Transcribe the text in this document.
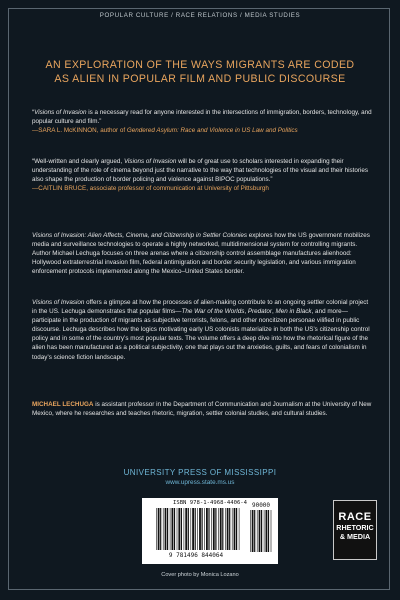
POPULAR CULTURE / RACE RELATIONS / MEDIA STUDIES
AN EXPLORATION OF THE WAYS MIGRANTS ARE CODED AS ALIEN IN POPULAR FILM AND PUBLIC DISCOURSE

“Visions of Invasion is a necessary read for anyone interested in the intersections of immigration, borders, technology, and popular culture and film.”

—SARA L. McKINNON, author of Gendered Asylum: Race and Violence in US Law and Politics

“Well-written and clearly argued, Visions of Invasion will be of great use to scholars interested in expanding their understanding of the role of cinema beyond just the narrative to the way that technologies of the visual and their histories also shape the production of border policing and violence against BIPOC populations.”

—CAITLIN BRUCE, associate professor of communication at University of Pittsburgh

Visions of Invasion: Alien Affects, Cinema, and Citizenship in Settler Colonies explores how the US government mobilizes media and surveillance technologies to operate a highly networked, multidimensional system for controlling migrants. Author Michael Lechuga focuses on three arenas where a citizenship control assemblage manufactures alienhood: Hollywood extraterrestrial invasion film, federal antimigration and border security legislation, and various immigration enforcement protocols implemented along the Mexico–United States border.

Visions of Invasion offers a glimpse at how the processes of alien-making contribute to an ongoing settler colonial project in the US. Lechuga demonstrates that popular films—The War of the Worlds, Predator, Men in Black, and more—participate in the production of migrants as subjective terrorists, felons, and other noncitizen personae vilified in public discourse. Lechuga describes how the logics motivating early US colonists materialize in both the US’s citizenship control policy and in some of the country’s most popular texts. The volume offers a deep dive into how the rhetorical figure of the alien has been manufactured as a political subjectivity, one that plays out the anxieties, guilts, and fears of colonialism in today’s science fiction landscape.

MICHAEL LECHUGA is assistant professor in the Department of Communication and Journalism at the University of New Mexico, where he researches and teaches rhetoric, migration, settler colonial studies, and cultural studies.

UNIVERSITY PRESS OF MISSISSIPPI
www.upress.state.ms.us
ISBN 978-1-4968-4406-4
9 781496 844064
90000
RACE
RHETORIC
& MEDIA
Cover photo by Monica Lozano
